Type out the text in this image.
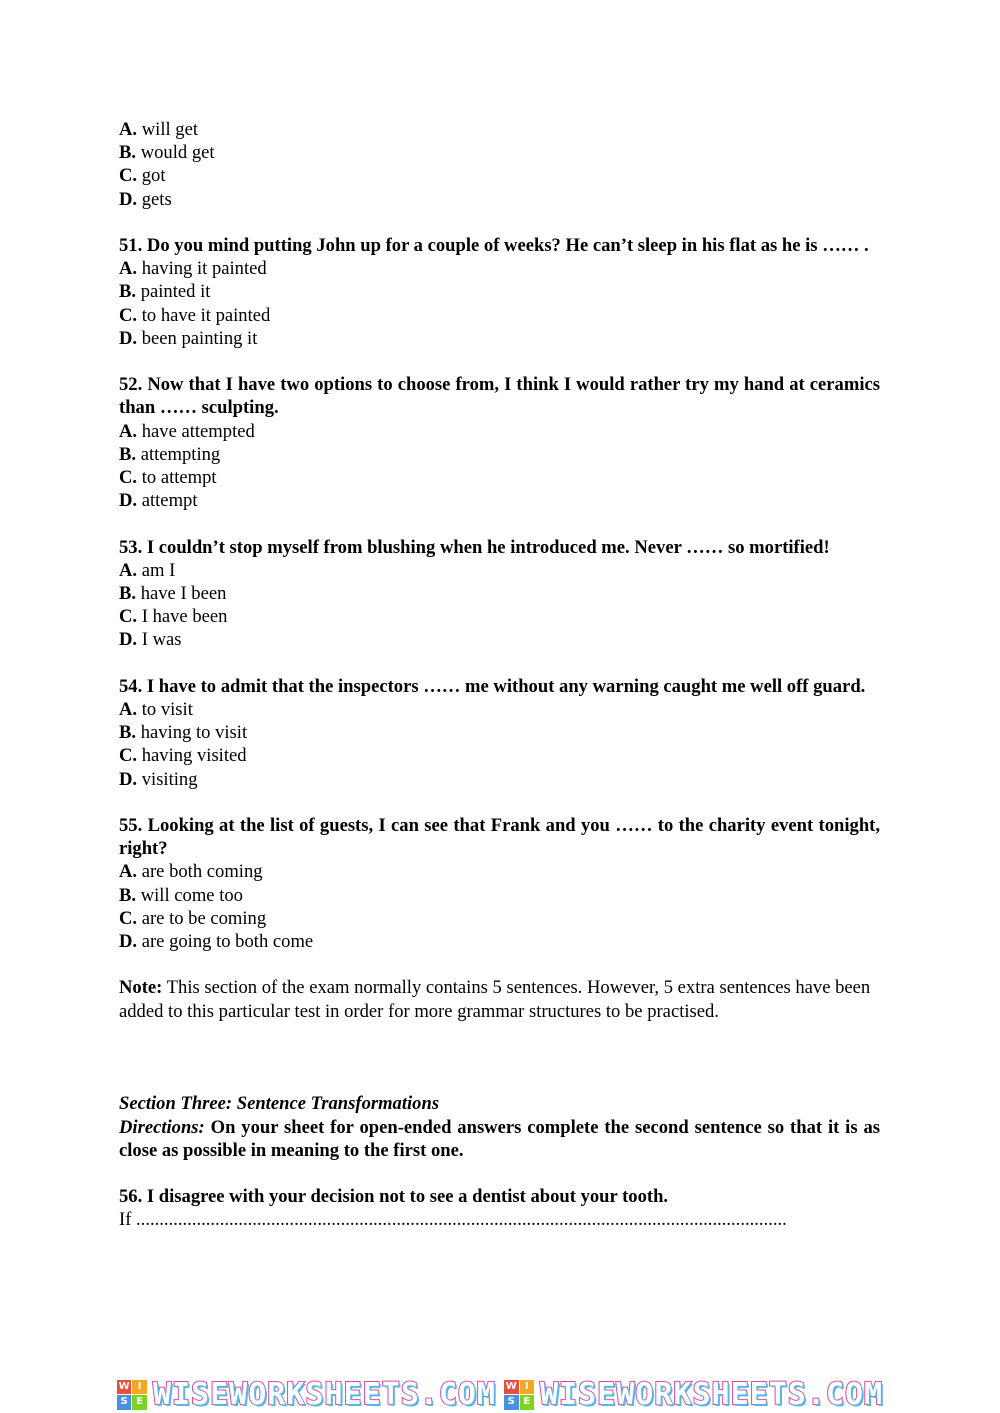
A. will get
B. would get
C. got
D. gets
51. Do you mind putting John up for a couple of weeks? He can’t sleep in his flat as he is …… .
A. having it painted
B. painted it
C. to have it painted
D. been painting it
52. Now that I have two options to choose from, I think I would rather try my hand at ceramics than …… sculpting.
A. have attempted
B. attempting
C. to attempt
D. attempt
53. I couldn’t stop myself from blushing when he introduced me. Never …… so mortified!
A. am I
B. have I been
C. I have been
D. I was
54. I have to admit that the inspectors …… me without any warning caught me well off guard.
A. to visit
B. having to visit
C. having visited
D. visiting
55. Looking at the list of guests, I can see that Frank and you …… to the charity event tonight, right?
A. are both coming
B. will come too
C. are to be coming
D. are going to both come
Note: This section of the exam normally contains 5 sentences. However, 5 extra sentences have been added to this particular test in order for more grammar structures to be practised.
Section Three: Sentence Transformations
Directions: On your sheet for open-ended answers complete the second sentence so that it is as close as possible in meaning to the first one.
56. I disagree with your decision not to see a dentist about your tooth.
If ............................................................................................................................................
W I
S E WISEWORKSHEETS.COM W I
S E WISEWORKSHEETS.COM
